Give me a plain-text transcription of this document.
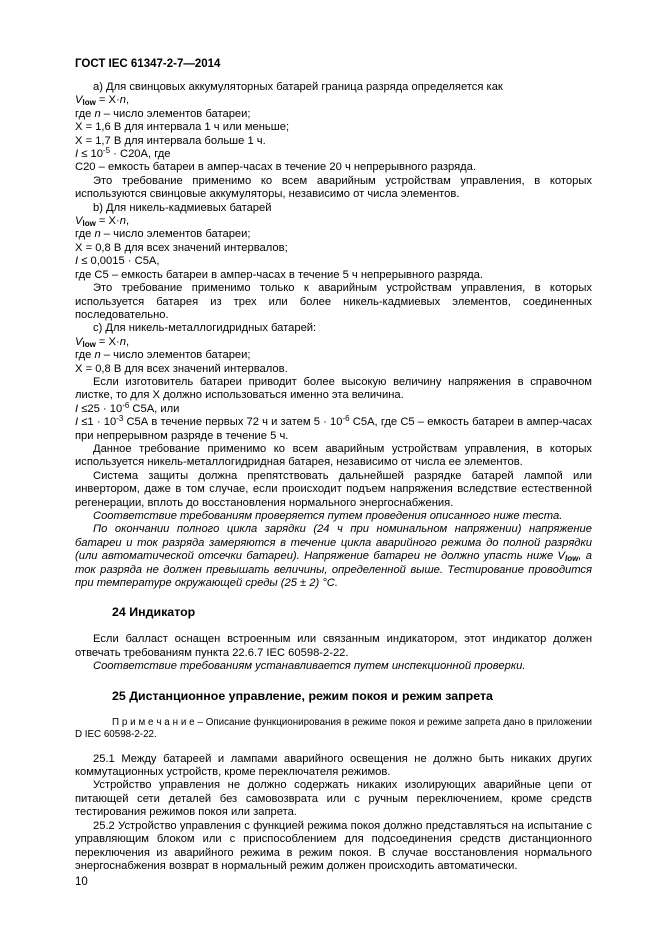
ГОСТ IEC 61347-2-7—2014
a) Для свинцовых аккумуляторных батарей граница разряда определяется как
$V_{low} = X\cdot n$,
где n – число элементов батареи;
X = 1,6 В для интервала 1 ч или меньше;
X = 1,7 В для интервала больше 1 ч.
$I \le 10^{-5} \cdot С20А$, где
С20 – емкость батареи в ампер-часах в течение 20 ч непрерывного разряда.
Это требование применимо ко всем аварийным устройствам управления, в которых используются свинцовые аккумуляторы, независимо от числа элементов.
b) Для никель-кадмиевых батарей
$V_{low} = X\cdot n$,
где n – число элементов батареи;
X = 0,8 В для всех значений интервалов;
I ≤ 0,0015 · С5А,
где С5 – емкость батареи в ампер-часах в течение 5 ч непрерывного разряда.
Это требование применимо только к аварийным устройствам управления, в которых используется батарея из трех или более никель-кадмиевых элементов, соединенных последовательно.
c) Для никель-металлогидридных батарей:
$V_{low} = X\cdot n$,
где n – число элементов батареи;
X = 0,8 В для всех значений интервалов.
Если изготовитель батареи приводит более высокую величину напряжения в справочном листке, то для X должно использоваться именно эта величина.
$I \le 25 \cdot 10^{-6}$ С5А, или
$I \le 1 \cdot 10^{-3}$ С5А в течение первых 72 ч и затем $5 \cdot 10^{-6}$ С5А, где С5 – емкость батареи в ампер-часах при непрерывном разряде в течение 5 ч.
Данное требование применимо ко всем аварийным устройствам управления, в которых используется никель-металлогидридная батарея, независимо от числа ее элементов.
Система защиты должна препятствовать дальнейшей разрядке батарей лампой или инвертором, даже в том случае, если происходит подъем напряжения вследствие естественной регенерации, вплоть до восстановления нормального энергоснабжения.
Соответствие требованиям проверяется путем проведения описанного ниже теста.
По окончании полного цикла зарядки (24 ч при номинальном напряжении) напряжение батареи и ток разряда замеряются в течение цикла аварийного режима до полной разрядки (или автоматической отсечки батареи). Напряжение батареи не должно упасть ниже $V_{low}$, а ток разряда не должен превышать величины, определенной выше. Тестирование проводится при температуре окружающей среды (25 ± 2) °С.
24 Индикатор
Если балласт оснащен встроенным или связанным индикатором, этот индикатор должен отвечать требованиям пункта 22.6.7 IEC 60598-2-22.
Соответствие требованиям устанавливается путем инспекционной проверки.
25 Дистанционное управление, режим покоя и режим запрета
П р и м е ч а н и е – Описание функционирования в режиме покоя и режиме запрета дано в приложении D IEC 60598-2-22.
25.1 Между батареей и лампами аварийного освещения не должно быть никаких других коммутационных устройств, кроме переключателя режимов.
Устройство управления не должно содержать никаких изолирующих аварийные цепи от питающей сети деталей без самовозврата или с ручным переключением, кроме средств тестирования режимов покоя или запрета.
25.2 Устройство управления с функцией режима покоя должно представляться на испытание с управляющим блоком или с приспособлением для подсоединения средств дистанционного переключения из аварийного режима в режим покоя. В случае восстановления нормального энергоснабжения возврат в нормальный режим должен происходить автоматически.
10
